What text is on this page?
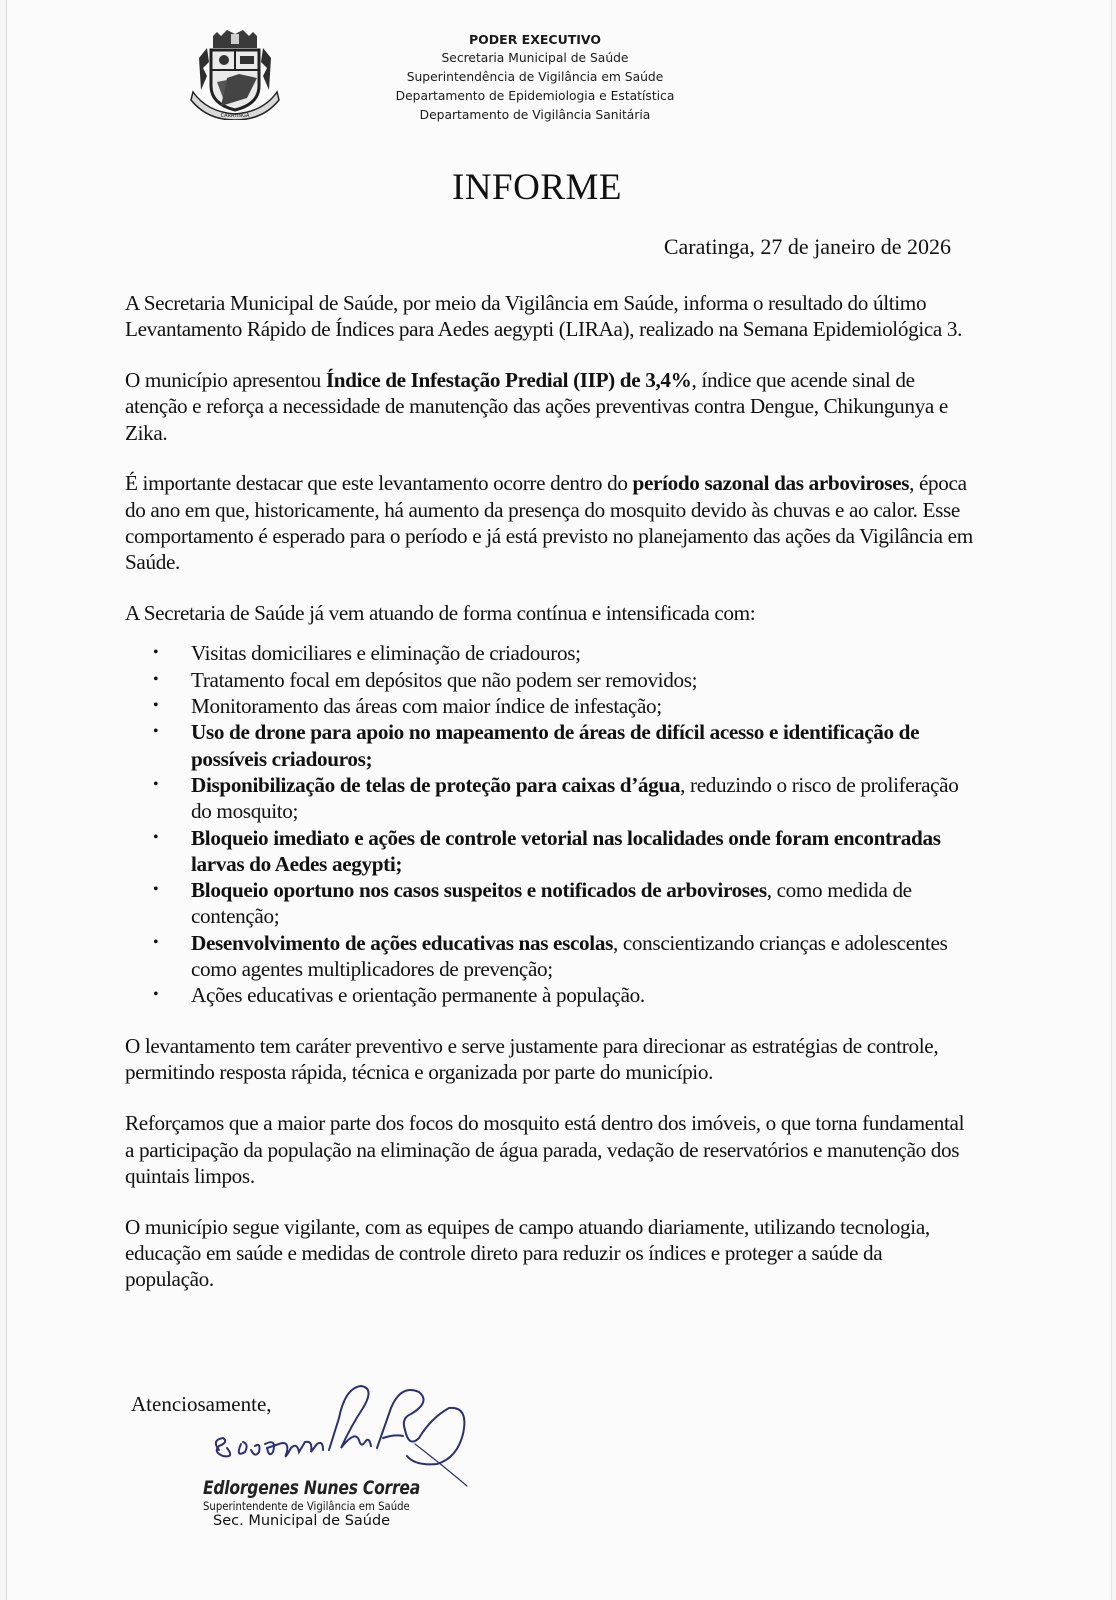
CARATINGA
PODER EXECUTIVO
Secretaria Municipal de Saúde
Superintendência de Vigilância em Saúde
Departamento de Epidemiologia e Estatística
Departamento de Vigilância Sanitária
INFORME
Caratinga, 27 de janeiro de 2026

A Secretaria Municipal de Saúde, por meio da Vigilância em Saúde, informa o resultado do último Levantamento Rápido de Índices para Aedes aegypti (LIRAa), realizado na Semana Epidemiológica 3.

O município apresentou Índice de Infestação Predial (IIP) de 3,4%, índice que acende sinal de atenção e reforça a necessidade de manutenção das ações preventivas contra Dengue, Chikungunya e Zika.

É importante destacar que este levantamento ocorre dentro do período sazonal das arboviroses, época do ano em que, historicamente, há aumento da presença do mosquito devido às chuvas e ao calor. Esse comportamento é esperado para o período e já está previsto no planejamento das ações da Vigilância em Saúde.

A Secretaria de Saúde já vem atuando de forma contínua e intensificada com:

• Visitas domiciliares e eliminação de criadouros;
• Tratamento focal em depósitos que não podem ser removidos;
• Monitoramento das áreas com maior índice de infestação;
• Uso de drone para apoio no mapeamento de áreas de difícil acesso e identificação de possíveis criadouros;
• Disponibilização de telas de proteção para caixas d’água, reduzindo o risco de proliferação do mosquito;
• Bloqueio imediato e ações de controle vetorial nas localidades onde foram encontradas larvas do Aedes aegypti;
• Bloqueio oportuno nos casos suspeitos e notificados de arboviroses, como medida de contenção;
• Desenvolvimento de ações educativas nas escolas, conscientizando crianças e adolescentes como agentes multiplicadores de prevenção;
• Ações educativas e orientação permanente à população.

O levantamento tem caráter preventivo e serve justamente para direcionar as estratégias de controle, permitindo resposta rápida, técnica e organizada por parte do município.

Reforçamos que a maior parte dos focos do mosquito está dentro dos imóveis, o que torna fundamental a participação da população na eliminação de água parada, vedação de reservatórios e manutenção dos quintais limpos.

O município segue vigilante, com as equipes de campo atuando diariamente, utilizando tecnologia, educação em saúde e medidas de controle direto para reduzir os índices e proteger a saúde da população.

Atenciosamente,
Edlorgenes Nunes Correa
Superintendente de Vigilância em Saúde
Sec. Municipal de Saúde
